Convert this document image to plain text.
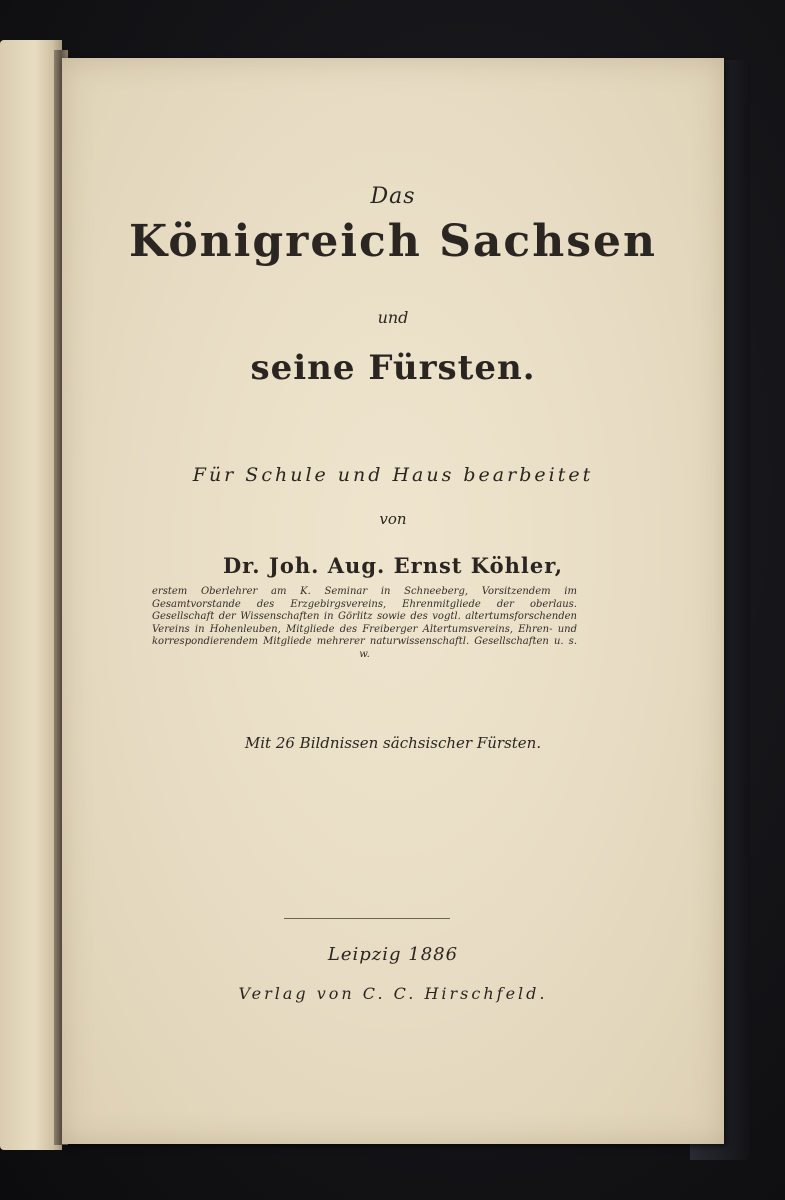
Das
Königreich Sachsen
und
seine Fürsten.
Für Schule und Haus bearbeitet
von
Dr. Joh. Aug. Ernst Köhler,
erstem Oberlehrer am K. Seminar in Schneeberg, Vorsitzendem im Gesamtvorstande des Erzgebirgsvereins, Ehrenmitgliede der oberlaus. Gesellschaft der Wissenschaften in Görlitz sowie des vogtl. altertumsforschenden Vereins in Hohenleuben, Mitgliede des Freiberger Altertumsvereins, Ehren- und korrespondierendem Mitgliede mehrerer naturwissenschaftl. Gesellschaften u. s. w.
Mit 26 Bildnissen sächsischer Fürsten.
Leipzig 1886
Verlag von C. C. Hirschfeld.
